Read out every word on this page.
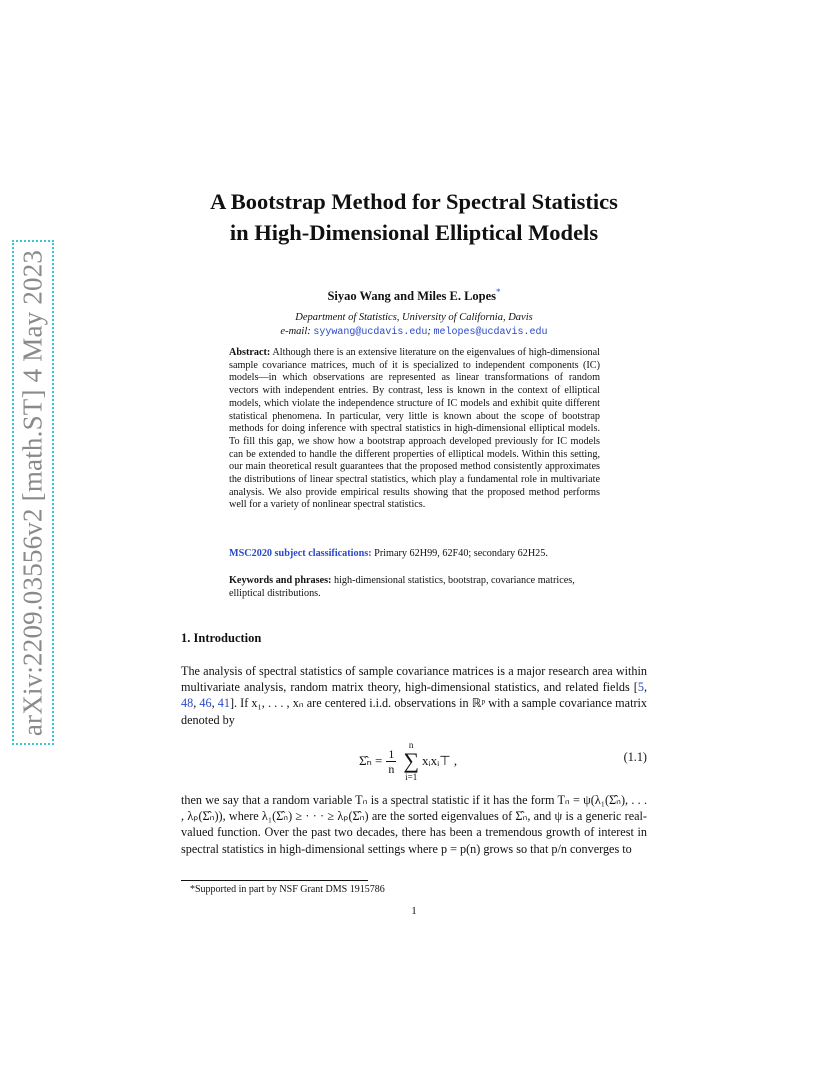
arXiv:2209.03556v2 [math.ST] 4 May 2023
A Bootstrap Method for Spectral Statistics in High-Dimensional Elliptical Models
Siyao Wang and Miles E. Lopes*
Department of Statistics, University of California, Davis
e-mail: syywang@ucdavis.edu; melopes@ucdavis.edu
Abstract: Although there is an extensive literature on the eigenvalues of high-dimensional sample covariance matrices, much of it is specialized to independent components (IC) models—in which observations are represented as linear transformations of random vectors with independent entries. By contrast, less is known in the context of elliptical models, which violate the independence structure of IC models and exhibit quite different statistical phenomena. In particular, very little is known about the scope of bootstrap methods for doing inference with spectral statistics in high-dimensional elliptical models. To fill this gap, we show how a bootstrap approach developed previously for IC models can be extended to handle the different properties of elliptical models. Within this setting, our main theoretical result guarantees that the proposed method consistently approximates the distributions of linear spectral statistics, which play a fundamental role in multivariate analysis. We also provide empirical results showing that the proposed method performs well for a variety of nonlinear spectral statistics.
MSC2020 subject classifications: Primary 62H99, 62F40; secondary 62H25.
Keywords and phrases: high-dimensional statistics, bootstrap, covariance matrices, elliptical distributions.
1. Introduction
The analysis of spectral statistics of sample covariance matrices is a major research area within multivariate analysis, random matrix theory, high-dimensional statistics, and related fields [5, 48, 46, 41]. If x₁, . . . , xₙ are centered i.i.d. observations in ℝᵖ with a sample covariance matrix denoted by
Σ̂ₙ = $\frac{1}{n}$
n
∑
i=1
xᵢxᵢ⊤ ,	(1.1)
then we say that a random variable Tₙ is a spectral statistic if it has the form Tₙ = ψ(λ₁(Σ̂ₙ), . . . , λₚ(Σ̂ₙ)), where λ₁(Σ̂ₙ) ≥ · · · ≥ λₚ(Σ̂ₙ) are the sorted eigenvalues of Σ̂ₙ, and ψ is a generic real-valued function. Over the past two decades, there has been a tremendous growth of interest in spectral statistics in high-dimensional settings where p = p(n) grows so that p/n converges to
*Supported in part by NSF Grant DMS 1915786
1
